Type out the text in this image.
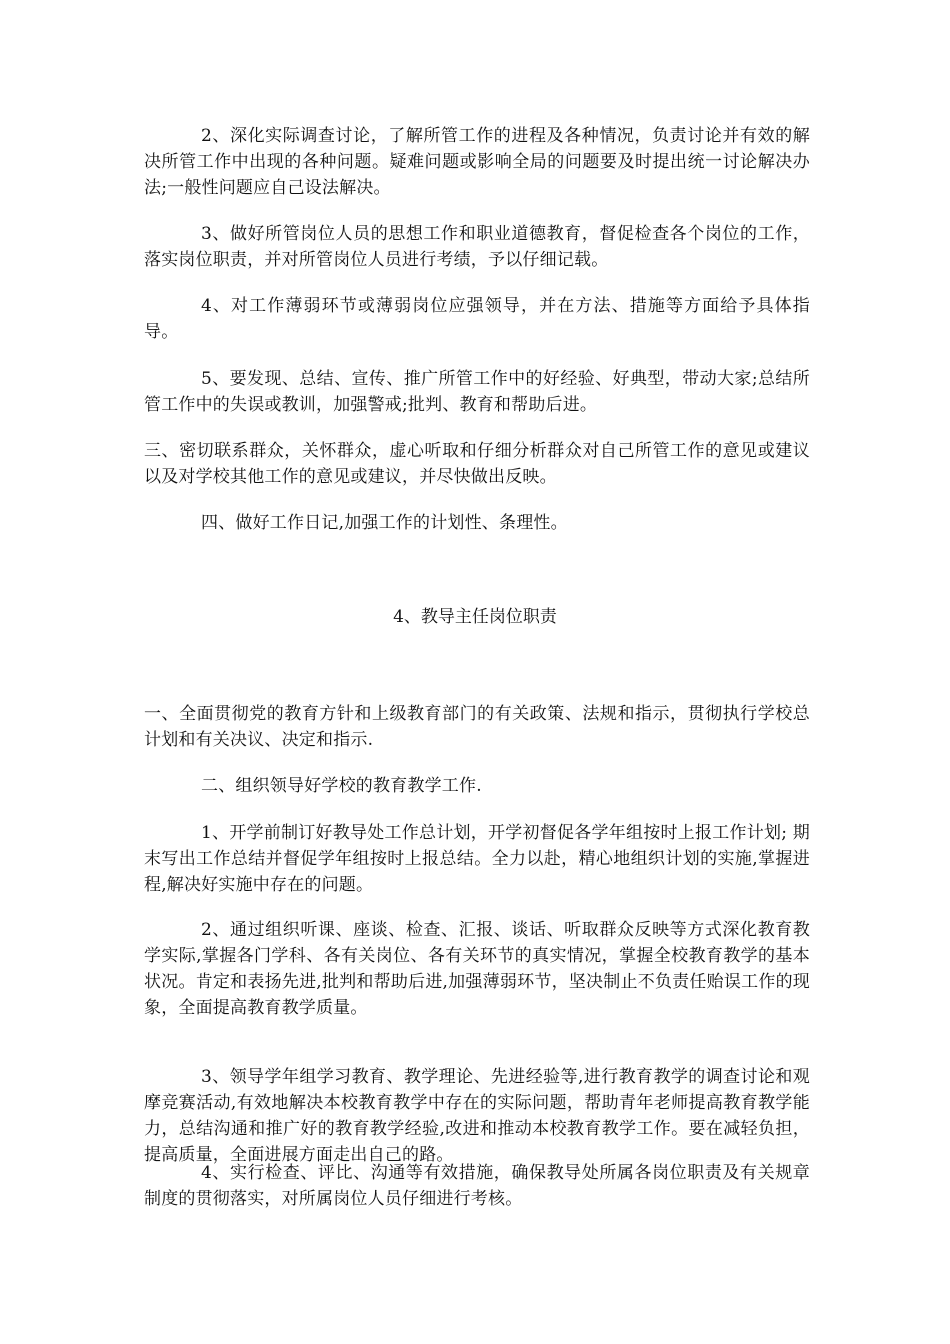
2、深化实际调查讨论，了解所管工作的进程及各种情况，负责讨论并有效的解决所管工作中出现的各种问题。疑难问题或影响全局的问题要及时提出统一讨论解决办法;一般性问题应自己设法解决。

3、做好所管岗位人员的思想工作和职业道德教育，督促检查各个岗位的工作，落实岗位职责，并对所管岗位人员进行考绩，予以仔细记载。

4、对工作薄弱环节或薄弱岗位应强领导，并在方法、措施等方面给予具体指导。

5、要发现、总结、宣传、推广所管工作中的好经验、好典型，带动大家;总结所管工作中的失误或教训，加强警戒;批判、教育和帮助后进。

三、密切联系群众，关怀群众，虚心听取和仔细分析群众对自己所管工作的意见或建议以及对学校其他工作的意见或建议，并尽快做出反映。

四、做好工作日记,加强工作的计划性、条理性。

4、教导主任岗位职责

一、全面贯彻党的教育方针和上级教育部门的有关政策、法规和指示，贯彻执行学校总计划和有关决议、决定和指示.

二、组织领导好学校的教育教学工作.

1、开学前制订好教导处工作总计划，开学初督促各学年组按时上报工作计划; 期末写出工作总结并督促学年组按时上报总结。全力以赴，精心地组织计划的实施,掌握进程,解决好实施中存在的问题。

2、通过组织听课、座谈、检查、汇报、谈话、听取群众反映等方式深化教育教学实际,掌握各门学科、各有关岗位、各有关环节的真实情况，掌握全校教育教学的基本状况。肯定和表扬先进,批判和帮助后进,加强薄弱环节，坚决制止不负责任贻误工作的现象，全面提高教育教学质量。

3、领导学年组学习教育、教学理论、先进经验等,进行教育教学的调查讨论和观摩竞赛活动,有效地解决本校教育教学中存在的实际问题，帮助青年老师提高教育教学能力，总结沟通和推广好的教育教学经验,改进和推动本校教育教学工作。要在减轻负担，提高质量，全面进展方面走出自己的路。

4、实行检查、评比、沟通等有效措施，确保教导处所属各岗位职责及有关规章制度的贯彻落实，对所属岗位人员仔细进行考核。
